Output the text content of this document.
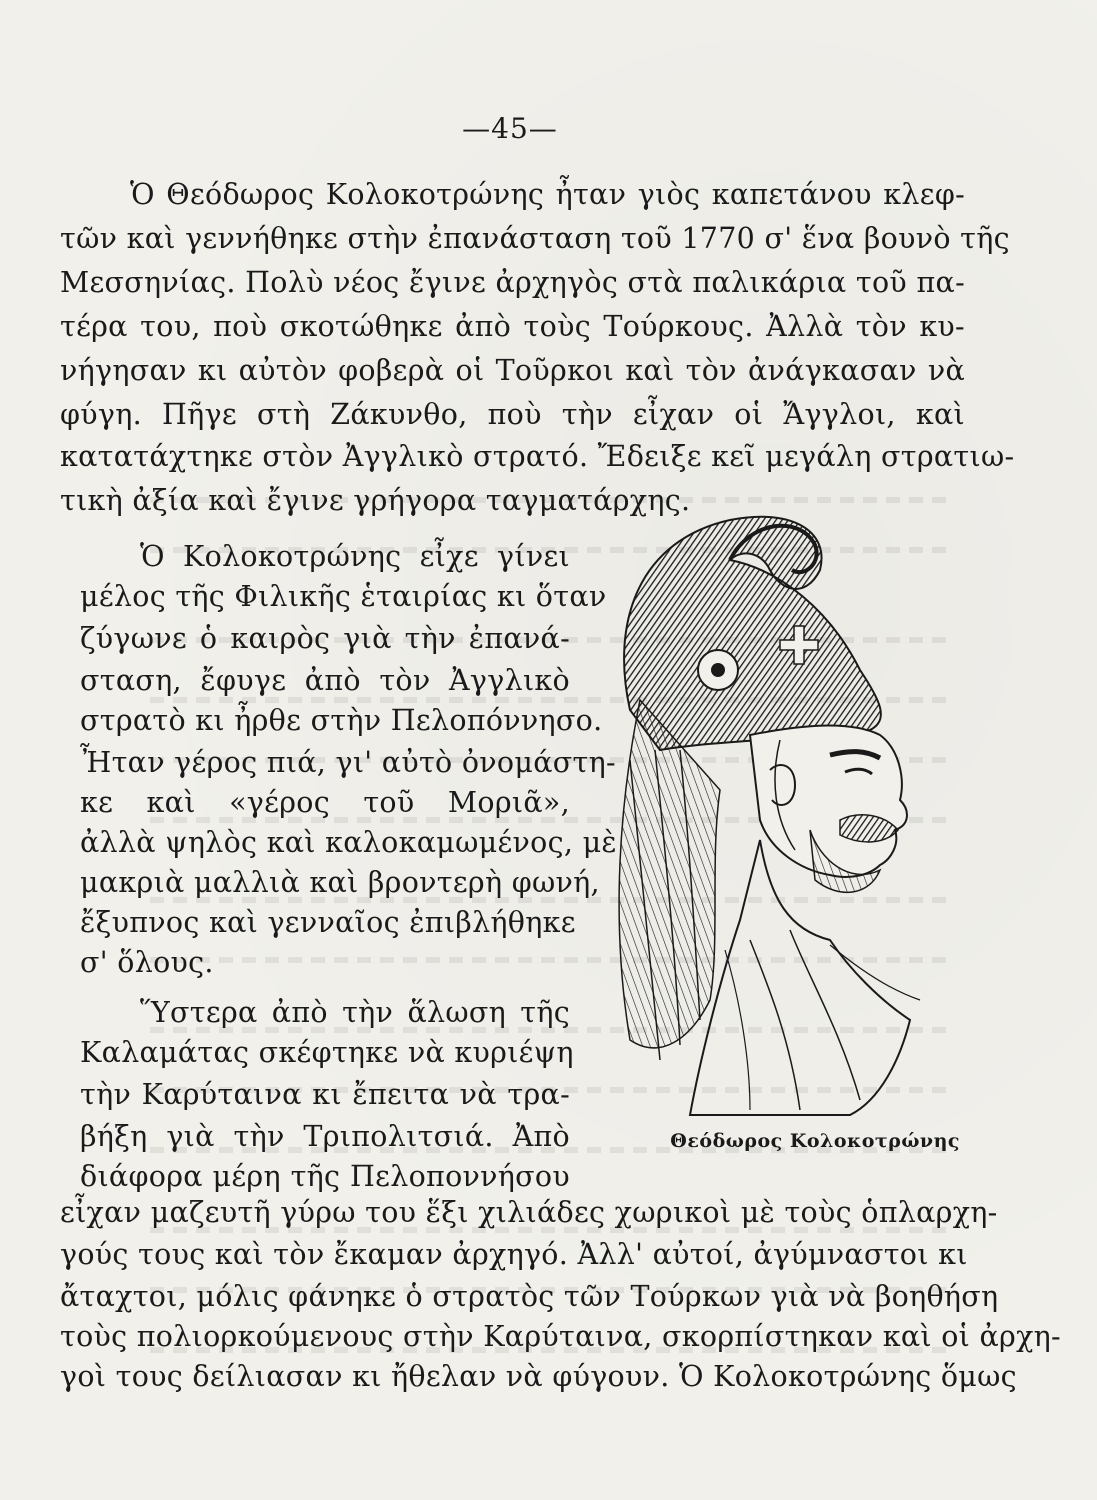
—45—
Ὁ Θεόδωρος Κολοκοτρώνης ἦταν γιὸς καπετάνου κλεφ-
τῶν καὶ γεννήθηκε στὴν ἐπανάσταση τοῦ 1770 σ' ἕνα βουνὸ τῆς
Μεσσηνίας. Πολὺ νέος ἔγινε ἀρχηγὸς στὰ παλικάρια τοῦ πα-
τέρα του, ποὺ σκοτώθηκε ἀπὸ τοὺς Τούρκους. Ἀλλὰ τὸν κυ-
νήγησαν κι αὐτὸν φοβερὰ οἱ Τοῦρκοι καὶ τὸν ἀνάγκασαν νὰ
φύγη. Πῆγε στὴ Ζάκυνθο, ποὺ τὴν εἶχαν οἱ Ἄγγλοι, καὶ
κατατάχτηκε στὸν Ἀγγλικὸ στρατό. Ἔδειξε κεῖ μεγάλη στρατιω-
τικὴ ἀξία καὶ ἔγινε γρήγορα ταγματάρχης.
Ὁ Κολοκοτρώνης εἶχε γίνει
μέλος τῆς Φιλικῆς ἑταιρίας κι ὅταν
ζύγωνε ὁ καιρὸς γιὰ τὴν ἐπανά-
σταση, ἔφυγε ἀπὸ τὸν Ἀγγλικὸ
στρατὸ κι ἦρθε στὴν Πελοπόννησο.
Ἦταν γέρος πιά, γι' αὐτὸ ὀνομάστη-
κε καὶ «γέρος τοῦ Μοριᾶ»,
ἀλλὰ ψηλὸς καὶ καλοκαμωμένος, μὲ
μακριὰ μαλλιὰ καὶ βροντερὴ φωνή,
ἔξυπνος καὶ γενναῖος ἐπιβλήθηκε
σ' ὅλους.
Ὕστερα ἀπὸ τὴν ἅλωση τῆς
Καλαμάτας σκέφτηκε νὰ κυριέψη
τὴν Καρύταινα κι ἔπειτα νὰ τρα-
βήξη γιὰ τὴν Τριπολιτσιά. Ἀπὸ
διάφορα μέρη τῆς Πελοποννήσου
εἶχαν μαζευτῆ γύρω του ἕξι χιλιάδες χωρικοὶ μὲ τοὺς ὁπλαρχη-
γούς τους καὶ τὸν ἔκαμαν ἀρχηγό. Ἀλλ' αὐτοί, ἀγύμναστοι κι
ἄταχτοι, μόλις φάνηκε ὁ στρατὸς τῶν Τούρκων γιὰ νὰ βοηθήση
τοὺς πολιορκούμενους στὴν Καρύταινα, σκορπίστηκαν καὶ οἱ ἀρχη-
γοὶ τους δείλιασαν κι ἤθελαν νὰ φύγουν. Ὁ Κολοκοτρώνης ὅμως
Θεόδωρος Κολοκοτρώνης
